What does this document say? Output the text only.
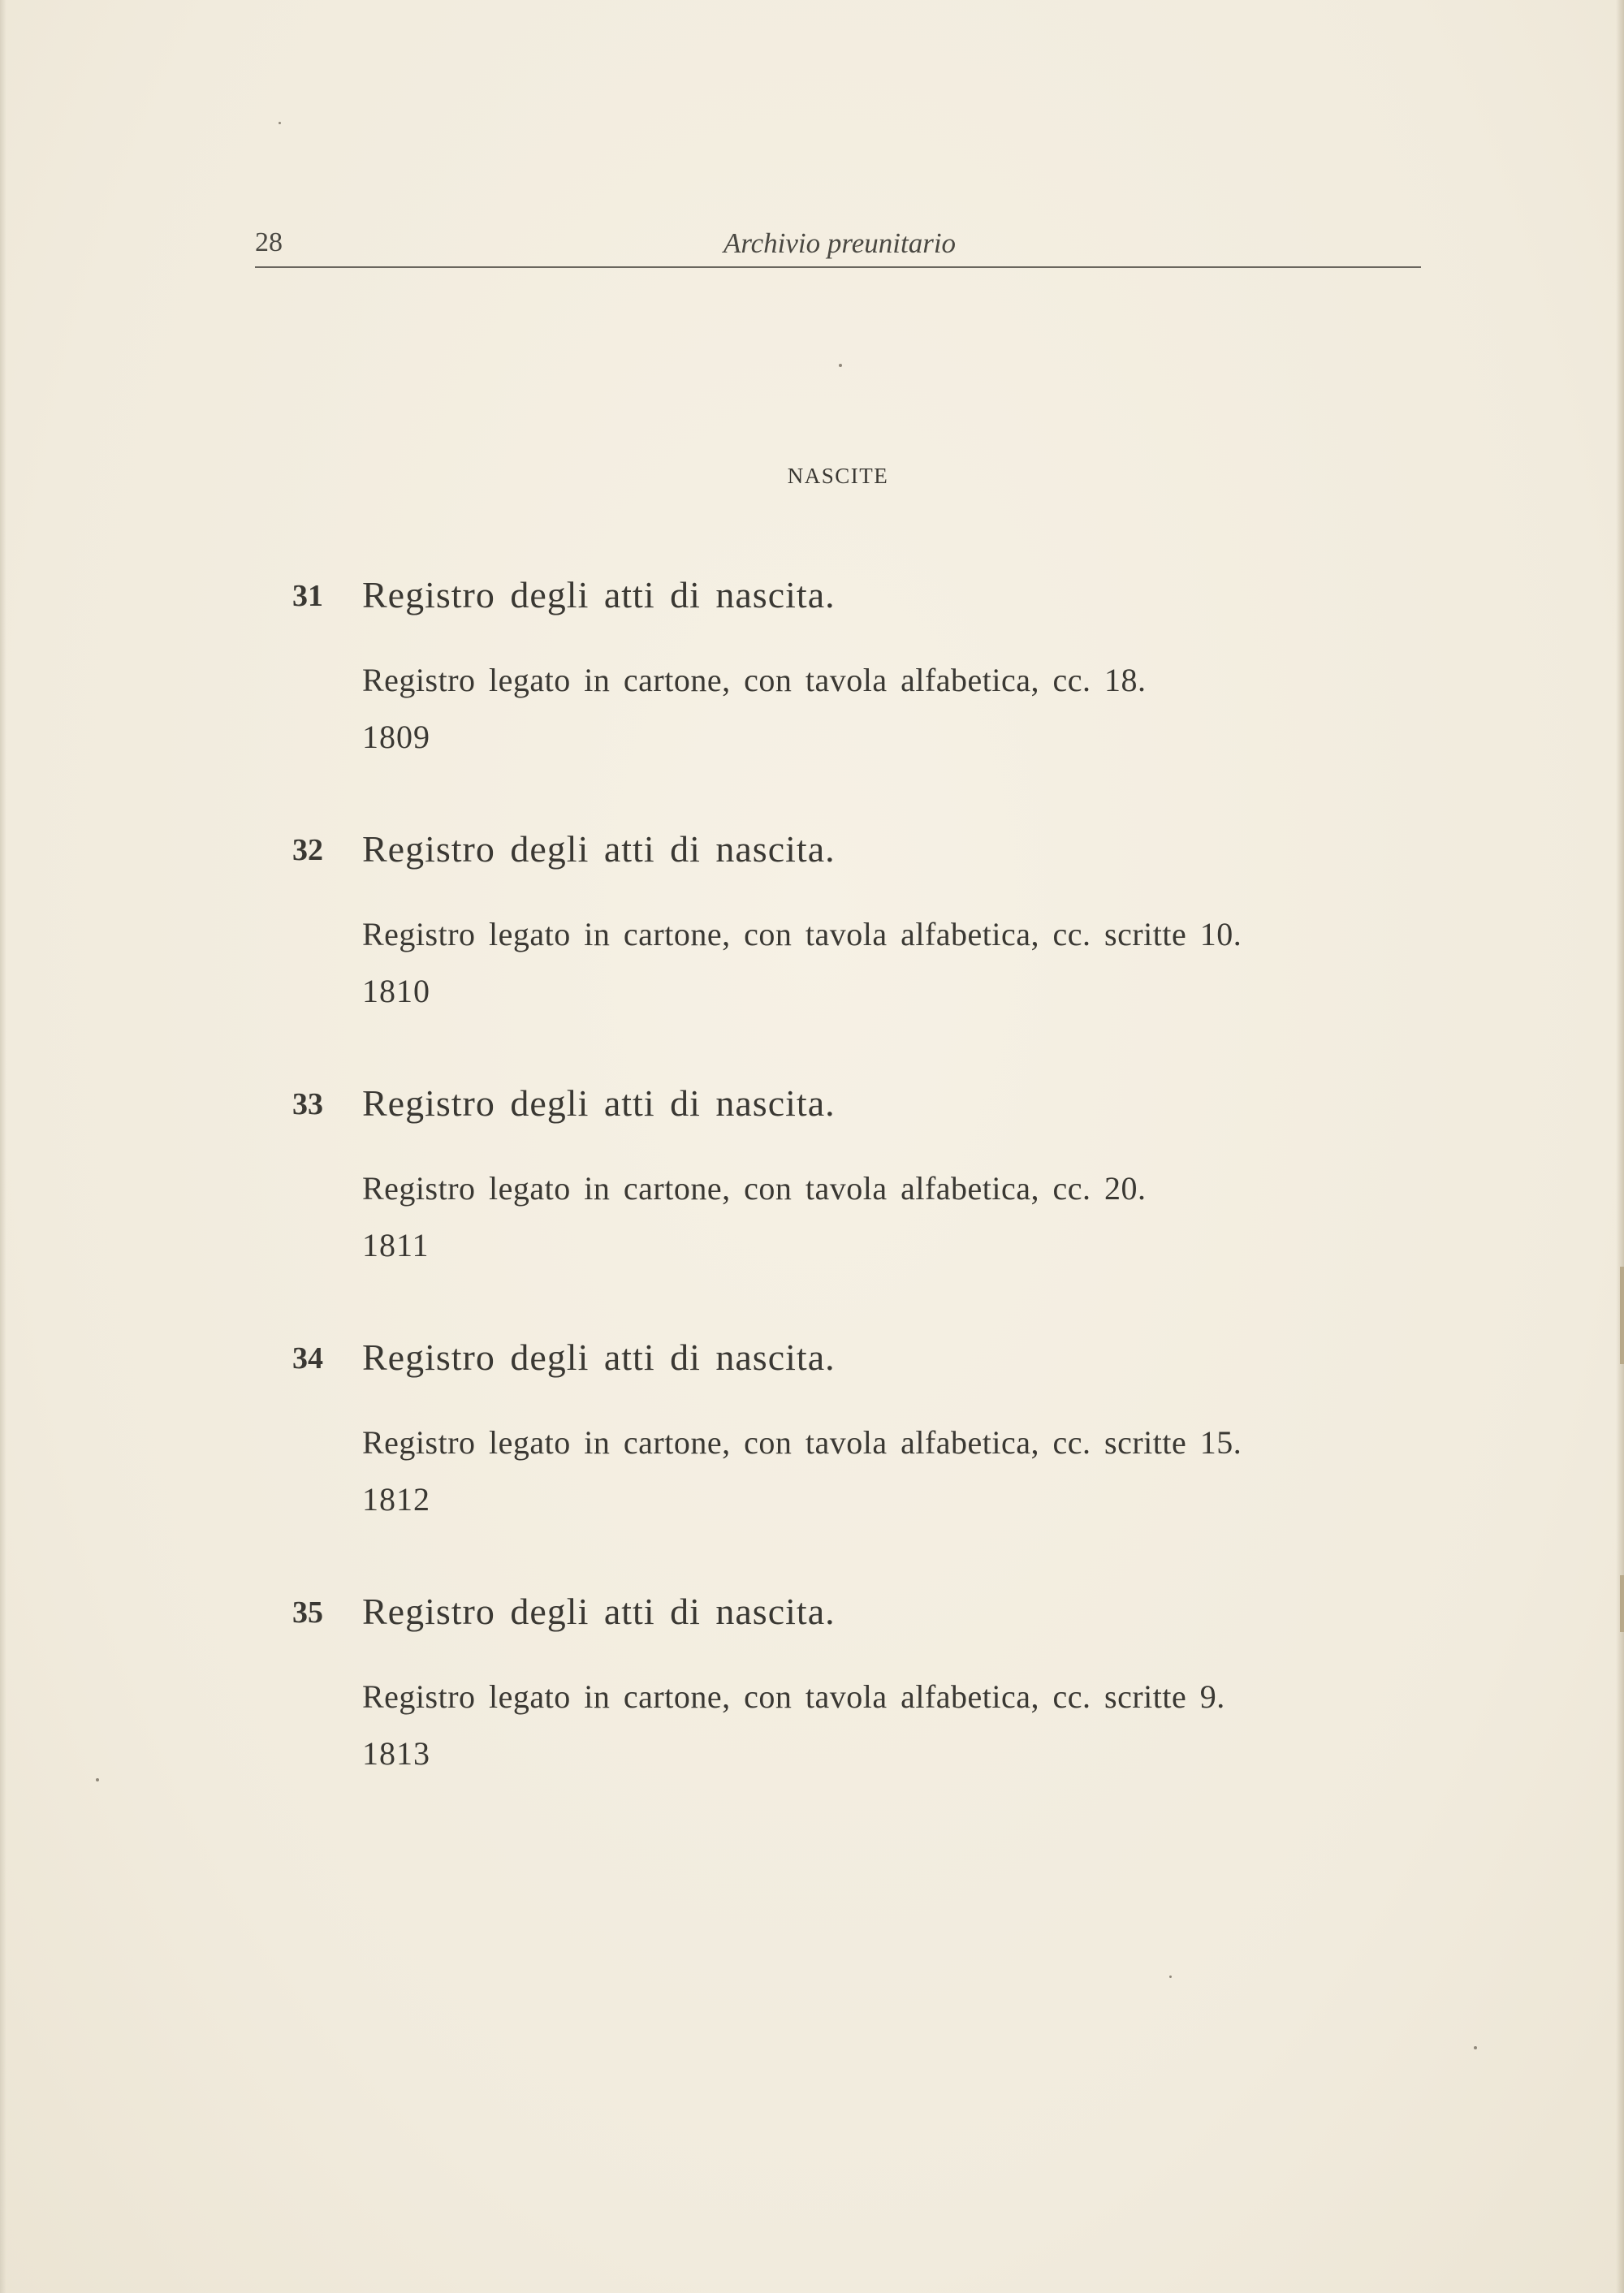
28	Archivio preunitario
NASCITE
31 Registro degli atti di nascita.
Registro legato in cartone, con tavola alfabetica, cc. 18.
1809
32 Registro degli atti di nascita.
Registro legato in cartone, con tavola alfabetica, cc. scritte 10.
1810
33 Registro degli atti di nascita.
Registro legato in cartone, con tavola alfabetica, cc. 20.
1811
34 Registro degli atti di nascita.
Registro legato in cartone, con tavola alfabetica, cc. scritte 15.
1812
35 Registro degli atti di nascita.
Registro legato in cartone, con tavola alfabetica, cc. scritte 9.
1813
